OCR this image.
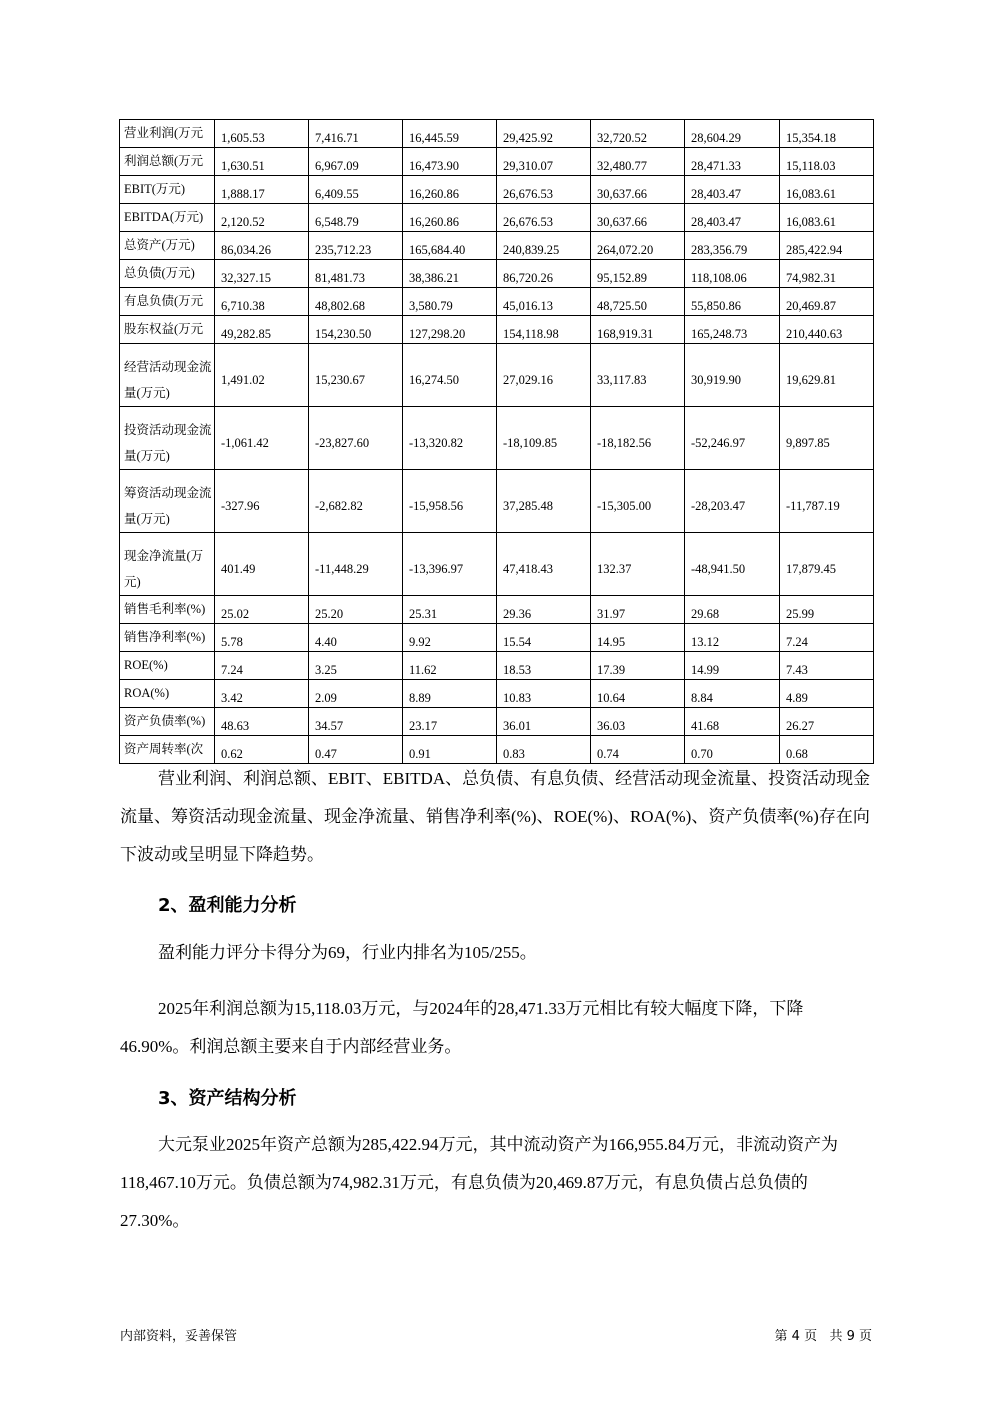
营业利润(万元	1,605.53	7,416.71	16,445.59	29,425.92	32,720.52	28,604.29	15,354.18	
利润总额(万元	1,630.51	6,967.09	16,473.90	29,310.07	32,480.77	28,471.33	15,118.03	
EBIT(万元)	1,888.17	6,409.55	16,260.86	26,676.53	30,637.66	28,403.47	16,083.61	
EBITDA(万元)	2,120.52	6,548.79	16,260.86	26,676.53	30,637.66	28,403.47	16,083.61	
总资产(万元)	86,034.26	235,712.23	165,684.40	240,839.25	264,072.20	283,356.79	285,422.94	
总负债(万元)	32,327.15	81,481.73	38,386.21	86,720.26	95,152.89	118,108.06	74,982.31	
有息负债(万元	6,710.38	48,802.68	3,580.79	45,016.13	48,725.50	55,850.86	20,469.87	
股东权益(万元	49,282.85	154,230.50	127,298.20	154,118.98	168,919.31	165,248.73	210,440.63	
经营活动现金流量(万元)	1,491.02	15,230.67	16,274.50	27,029.16	33,117.83	30,919.90	19,629.81	
投资活动现金流量(万元)	-1,061.42	-23,827.60	-13,320.82	-18,109.85	-18,182.56	-52,246.97	9,897.85	
筹资活动现金流量(万元)	-327.96	-2,682.82	-15,958.56	37,285.48	-15,305.00	-28,203.47	-11,787.19	
现金净流量(万元)	401.49	-11,448.29	-13,396.97	47,418.43	132.37	-48,941.50	17,879.45	
销售毛利率(%)	25.02	25.20	25.31	29.36	31.97	29.68	25.99	
销售净利率(%)	5.78	4.40	9.92	15.54	14.95	13.12	7.24	
ROE(%)	7.24	3.25	11.62	18.53	17.39	14.99	7.43	
ROA(%)	3.42	2.09	8.89	10.83	10.64	8.84	4.89	
资产负债率(%)	48.63	34.57	23.17	36.01	36.03	41.68	26.27	
资产周转率(次	0.62	0.47	0.91	0.83	0.74	0.70	0.68	

营业利润、利润总额、EBIT、EBITDA、总负债、有息负债、经营活动现金流量、投资活动现金流量、筹资活动现金流量、现金净流量、销售净利率(%)、ROE(%)、ROA(%)、资产负债率(%)存在向下波动或呈明显下降趋势。

2、盈利能力分析

盈利能力评分卡得分为69，行业内排名为105/255。

2025年利润总额为15,118.03万元，与2024年的28,471.33万元相比有较大幅度下降，下降46.90%。利润总额主要来自于内部经营业务。

3、资产结构分析

大元泵业2025年资产总额为285,422.94万元，其中流动资产为166,955.84万元，非流动资产为118,467.10万元。负债总额为74,982.31万元，有息负债为20,469.87万元，有息负债占总负债的27.30%。

内部资料，妥善保管	第 4 页   共 9 页
